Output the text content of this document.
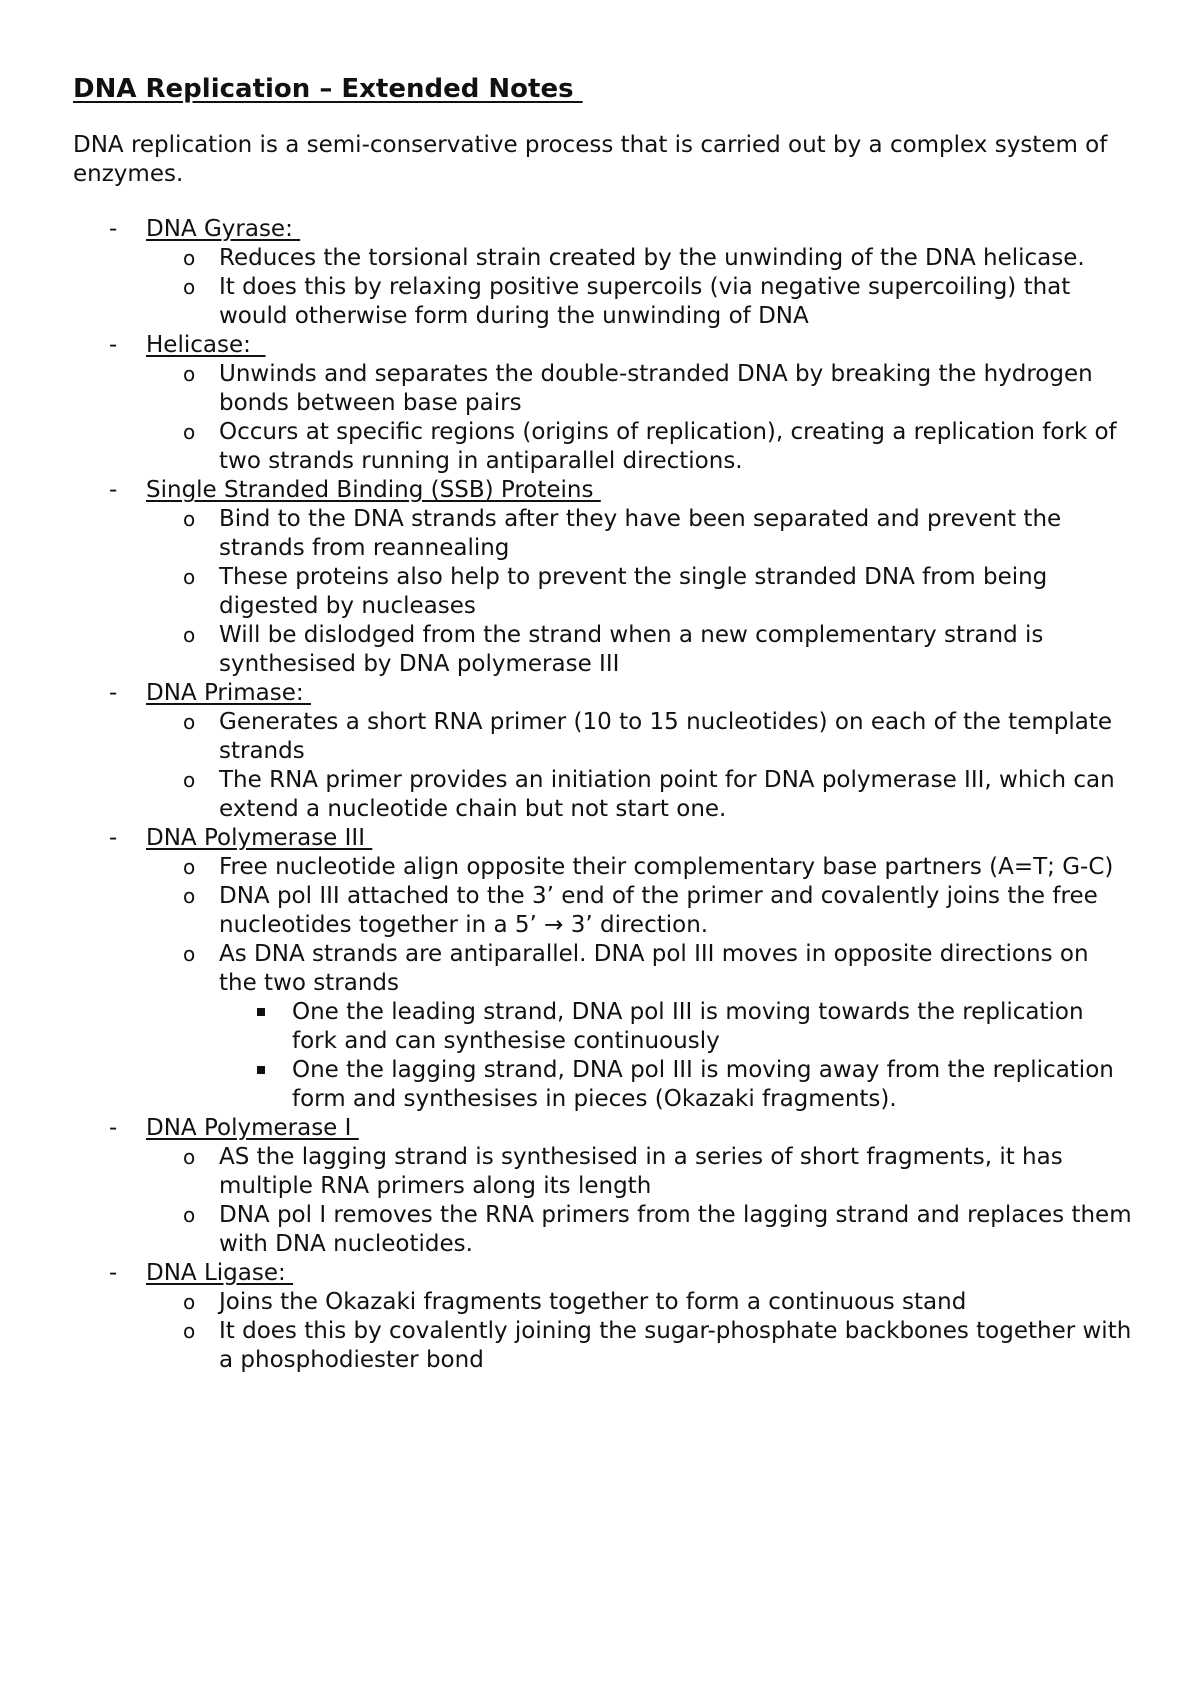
DNA Replication – Extended Notes

DNA replication is a semi-conservative process that is carried out by a complex system of enzymes.

- DNA Gyrase:
o Reduces the torsional strain created by the unwinding of the DNA helicase.
o It does this by relaxing positive supercoils (via negative supercoiling) that would otherwise form during the unwinding of DNA
- Helicase:
o Unwinds and separates the double-stranded DNA by breaking the hydrogen bonds between base pairs
o Occurs at specific regions (origins of replication), creating a replication fork of two strands running in antiparallel directions.
- Single Stranded Binding (SSB) Proteins
o Bind to the DNA strands after they have been separated and prevent the strands from reannealing
o These proteins also help to prevent the single stranded DNA from being digested by nucleases
o Will be dislodged from the strand when a new complementary strand is synthesised by DNA polymerase III
- DNA Primase:
o Generates a short RNA primer (10 to 15 nucleotides) on each of the template strands
o The RNA primer provides an initiation point for DNA polymerase III, which can extend a nucleotide chain but not start one.
- DNA Polymerase III
o Free nucleotide align opposite their complementary base partners (A=T; G-C)
o DNA pol III attached to the 3’ end of the primer and covalently joins the free nucleotides together in a 5’ → 3’ direction.
o As DNA strands are antiparallel. DNA pol III moves in opposite directions on the two strands
One the leading strand, DNA pol III is moving towards the replication fork and can synthesise continuously
One the lagging strand, DNA pol III is moving away from the replication form and synthesises in pieces (Okazaki fragments).
- DNA Polymerase I
o AS the lagging strand is synthesised in a series of short fragments, it has multiple RNA primers along its length
o DNA pol I removes the RNA primers from the lagging strand and replaces them with DNA nucleotides.
- DNA Ligase:
o Joins the Okazaki fragments together to form a continuous stand
o It does this by covalently joining the sugar-phosphate backbones together with a phosphodiester bond
